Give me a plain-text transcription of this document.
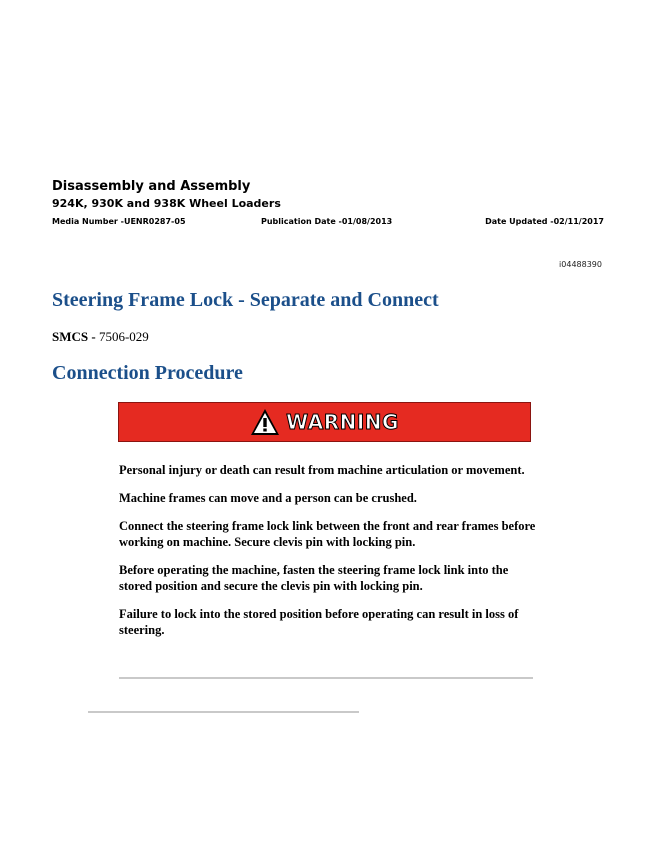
Disassembly and Assembly

924K, 930K and 938K Wheel Loaders

Media Number -UENR0287-05	Publication Date -01/08/2013	Date Updated -02/11/2017
i04488390
Steering Frame Lock - Separate and Connect
SMCS - 7506-029
Connection Procedure
WARNING

Personal injury or death can result from machine articulation or movement.

Machine frames can move and a person can be crushed.

Connect the steering frame lock link between the front and rear frames before working on machine. Secure clevis pin with locking pin.

Before operating the machine, fasten the steering frame lock link into the stored position and secure the clevis pin with locking pin.

Failure to lock into the stored position before operating can result in loss of steering.
